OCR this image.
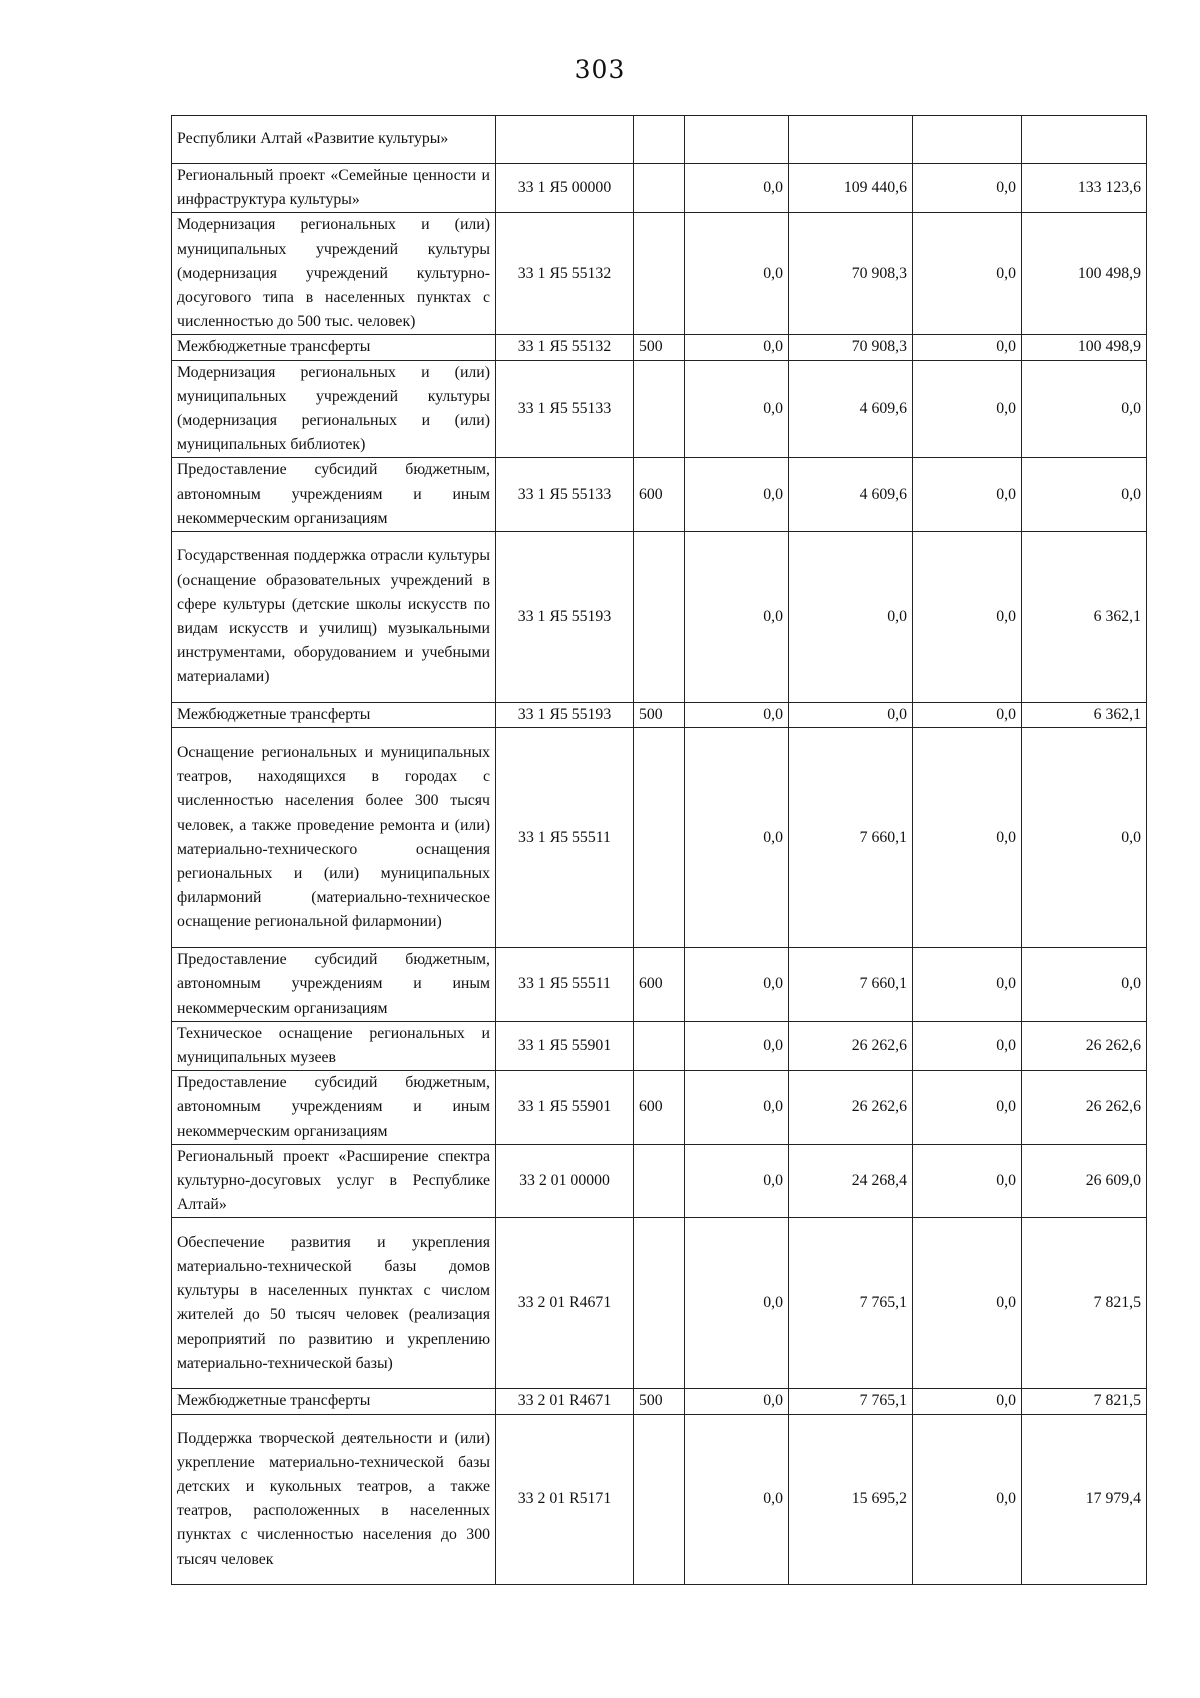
303
Республики Алтай «Развитие культуры»						
Региональный проект «Семейные ценности и инфраструктура культуры»	33 1 Я5 00000		0,0	109 440,6	0,0	133 123,6
Модернизация региональных и (или) муниципальных учреждений культуры (модернизация учреждений культурно-досугового типа в населенных пунктах с численностью до 500 тыс. человек)	33 1 Я5 55132		0,0	70 908,3	0,0	100 498,9
Межбюджетные трансферты	33 1 Я5 55132	500	0,0	70 908,3	0,0	100 498,9
Модернизация региональных и (или) муниципальных учреждений культуры (модернизация региональных и (или) муниципальных библиотек)	33 1 Я5 55133		0,0	4 609,6	0,0	0,0
Предоставление субсидий бюджетным, автономным учреждениям и иным некоммерческим организациям	33 1 Я5 55133	600	0,0	4 609,6	0,0	0,0
Государственная поддержка отрасли культуры (оснащение образовательных учреждений в сфере культуры (детские школы искусств по видам искусств и училищ) музыкальными инструментами, оборудованием и учебными материалами)	33 1 Я5 55193		0,0	0,0	0,0	6 362,1
Межбюджетные трансферты	33 1 Я5 55193	500	0,0	0,0	0,0	6 362,1
Оснащение региональных и муниципальных театров, находящихся в городах с численностью населения более 300 тысяч человек, а также проведение ремонта и (или) материально-технического оснащения региональных и (или) муниципальных филармоний (материально-техническое оснащение региональной филармонии)	33 1 Я5 55511		0,0	7 660,1	0,0	0,0
Предоставление субсидий бюджетным, автономным учреждениям и иным некоммерческим организациям	33 1 Я5 55511	600	0,0	7 660,1	0,0	0,0
Техническое оснащение региональных и муниципальных музеев	33 1 Я5 55901		0,0	26 262,6	0,0	26 262,6
Предоставление субсидий бюджетным, автономным учреждениям и иным некоммерческим организациям	33 1 Я5 55901	600	0,0	26 262,6	0,0	26 262,6
Региональный проект «Расширение спектра культурно-досуговых услуг в Республике Алтай»	33 2 01 00000		0,0	24 268,4	0,0	26 609,0
Обеспечение развития и укрепления материально-технической базы домов культуры в населенных пунктах с числом жителей до 50 тысяч человек (реализация мероприятий по развитию и укреплению материально-технической базы)	33 2 01 R4671		0,0	7 765,1	0,0	7 821,5
Межбюджетные трансферты	33 2 01 R4671	500	0,0	7 765,1	0,0	7 821,5
Поддержка творческой деятельности и (или) укрепление материально-технической базы детских и кукольных театров, а также театров, расположенных в населенных пунктах с численностью населения до 300 тысяч человек	33 2 01 R5171		0,0	15 695,2	0,0	17 979,4
